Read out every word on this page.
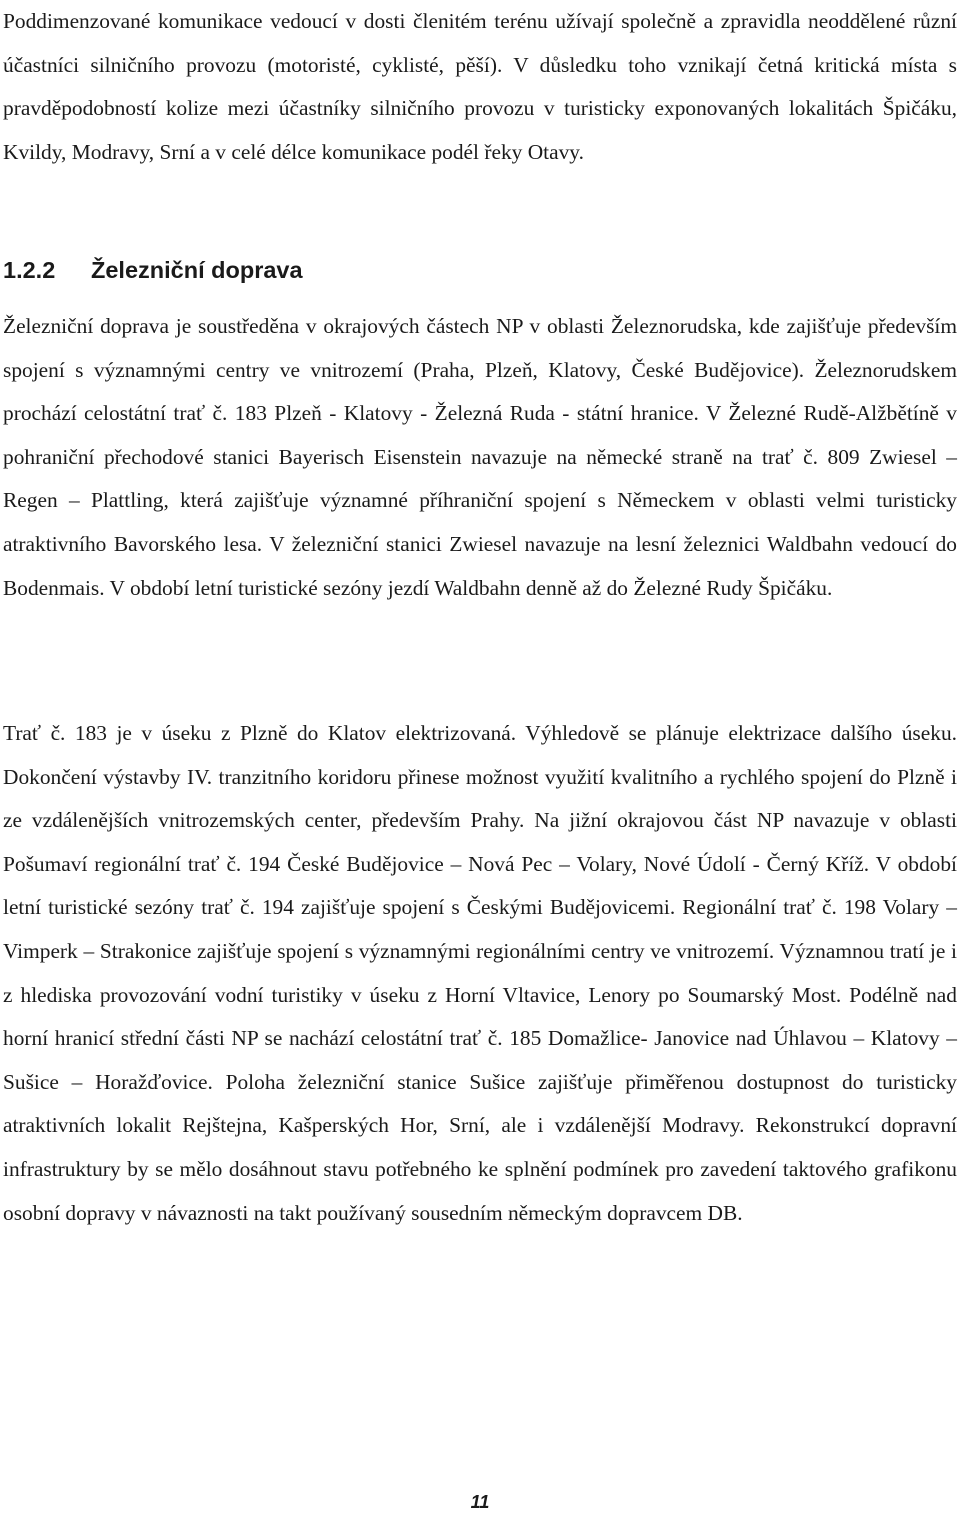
Poddimenzované komunikace vedoucí v dosti členitém terénu užívají společně a zpravidla neoddělené různí účastníci silničního provozu (motoristé, cyklisté, pěší). V důsledku toho vznikají četná kritická místa s pravděpodobností kolize mezi účastníky silničního provozu v turisticky exponovaných lokalitách Špičáku, Kvildy, Modravy, Srní a v celé délce komunikace podél řeky Otavy.

1.2.2 Železniční doprava

Železniční doprava je soustředěna v okrajových částech NP v oblasti Železnorudska, kde zajišťuje především spojení s významnými centry ve vnitrozemí (Praha, Plzeň, Klatovy, České Budějovice). Železnorudskem prochází celostátní trať č. 183 Plzeň - Klatovy - Železná Ruda - státní hranice. V Železné Rudě-Alžbětíně v pohraniční přechodové stanici Bayerisch Eisenstein navazuje na německé straně na trať č. 809 Zwiesel – Regen – Plattling, která zajišťuje významné příhraniční spojení s Německem v oblasti velmi turisticky atraktivního Bavorského lesa. V železniční stanici Zwiesel navazuje na lesní železnici Waldbahn vedoucí do Bodenmais. V období letní turistické sezóny jezdí Waldbahn denně až do Železné Rudy Špičáku.

Trať č. 183 je v úseku z Plzně do Klatov elektrizovaná. Výhledově se plánuje elektrizace dalšího úseku. Dokončení výstavby IV. tranzitního koridoru přinese možnost využití kvalitního a rychlého spojení do Plzně i ze vzdálenějších vnitrozemských center, především Prahy. Na jižní okrajovou část NP navazuje v oblasti Pošumaví regionální trať č. 194 České Budějovice – Nová Pec – Volary, Nové Údolí - Černý Kříž. V období letní turistické sezóny trať č. 194 zajišťuje spojení s Českými Budějovicemi. Regionální trať č. 198 Volary – Vimperk – Strakonice zajišťuje spojení s významnými regionálními centry ve vnitrozemí. Významnou tratí je i z hlediska provozování vodní turistiky v úseku z Horní Vltavice, Lenory po Soumarský Most. Podélně nad horní hranicí střední části NP se nachází celostátní trať č. 185 Domažlice- Janovice nad Úhlavou – Klatovy – Sušice – Horažďovice. Poloha železniční stanice Sušice zajišťuje přiměřenou dostupnost do turisticky atraktivních lokalit Rejštejna, Kašperských Hor, Srní, ale i vzdálenější Modravy. Rekonstrukcí dopravní infrastruktury by se mělo dosáhnout stavu potřebného ke splnění podmínek pro zavedení taktového grafikonu osobní dopravy v návaznosti na takt používaný sousedním německým dopravcem DB.

11
